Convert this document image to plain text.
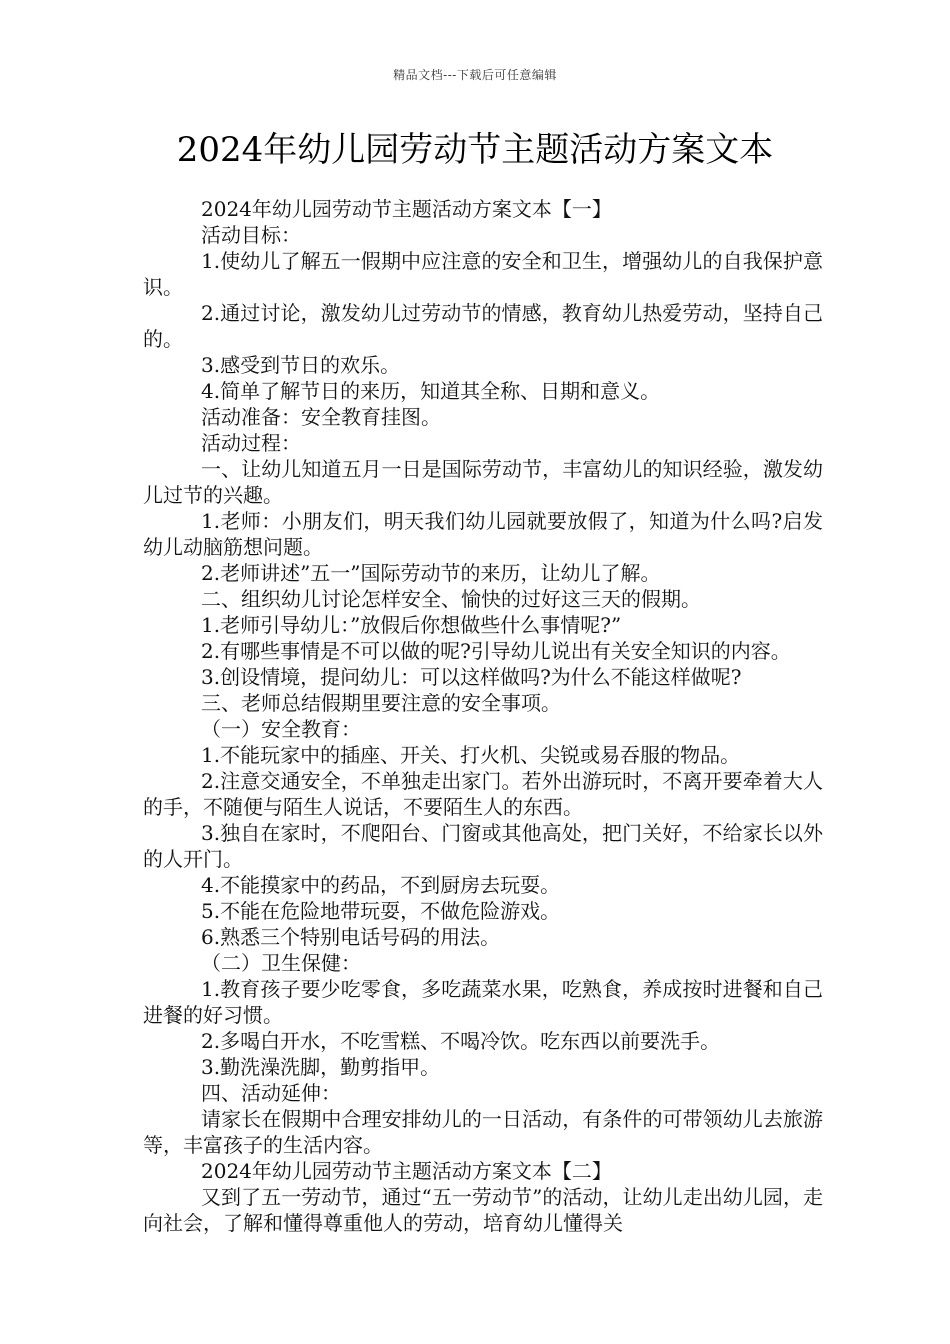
精品文档---下载后可任意编辑
2024年幼儿园劳动节主题活动方案文本

2024年幼儿园劳动节主题活动方案文本【一】

活动目标：

1.使幼儿了解五一假期中应注意的安全和卫生，增强幼儿的自我保护意识。

2.通过讨论，激发幼儿过劳动节的情感，教育幼儿热爱劳动，坚持自己的。

3.感受到节日的欢乐。

4.简单了解节日的来历，知道其全称、日期和意义。

活动准备：安全教育挂图。

活动过程：

一、让幼儿知道五月一日是国际劳动节，丰富幼儿的知识经验，激发幼儿过节的兴趣。

1.老师：小朋友们，明天我们幼儿园就要放假了，知道为什么吗?启发幼儿动脑筋想问题。

2.老师讲述”五一”国际劳动节的来历，让幼儿了解。

二、组织幼儿讨论怎样安全、愉快的过好这三天的假期。

1.老师引导幼儿：”放假后你想做些什么事情呢?”

2.有哪些事情是不可以做的呢?引导幼儿说出有关安全知识的内容。

3.创设情境，提问幼儿：可以这样做吗?为什么不能这样做呢?

三、老师总结假期里要注意的安全事项。

（一）安全教育：

1.不能玩家中的插座、开关、打火机、尖锐或易吞服的物品。

2.注意交通安全，不单独走出家门。若外出游玩时，不离开要牵着大人的手，不随便与陌生人说话，不要陌生人的东西。

3.独自在家时，不爬阳台、门窗或其他高处，把门关好，不给家长以外的人开门。

4.不能摸家中的药品，不到厨房去玩耍。

5.不能在危险地带玩耍，不做危险游戏。

6.熟悉三个特别电话号码的用法。

（二）卫生保健：

1.教育孩子要少吃零食，多吃蔬菜水果，吃熟食，养成按时进餐和自己进餐的好习惯。

2.多喝白开水，不吃雪糕、不喝冷饮。吃东西以前要洗手。

3.勤洗澡洗脚，勤剪指甲。

四、活动延伸：

请家长在假期中合理安排幼儿的一日活动，有条件的可带领幼儿去旅游等，丰富孩子的生活内容。

2024年幼儿园劳动节主题活动方案文本【二】

又到了五一劳动节，通过“五一劳动节”的活动，让幼儿走出幼儿园，走向社会，了解和懂得尊重他人的劳动，培育幼儿懂得关
